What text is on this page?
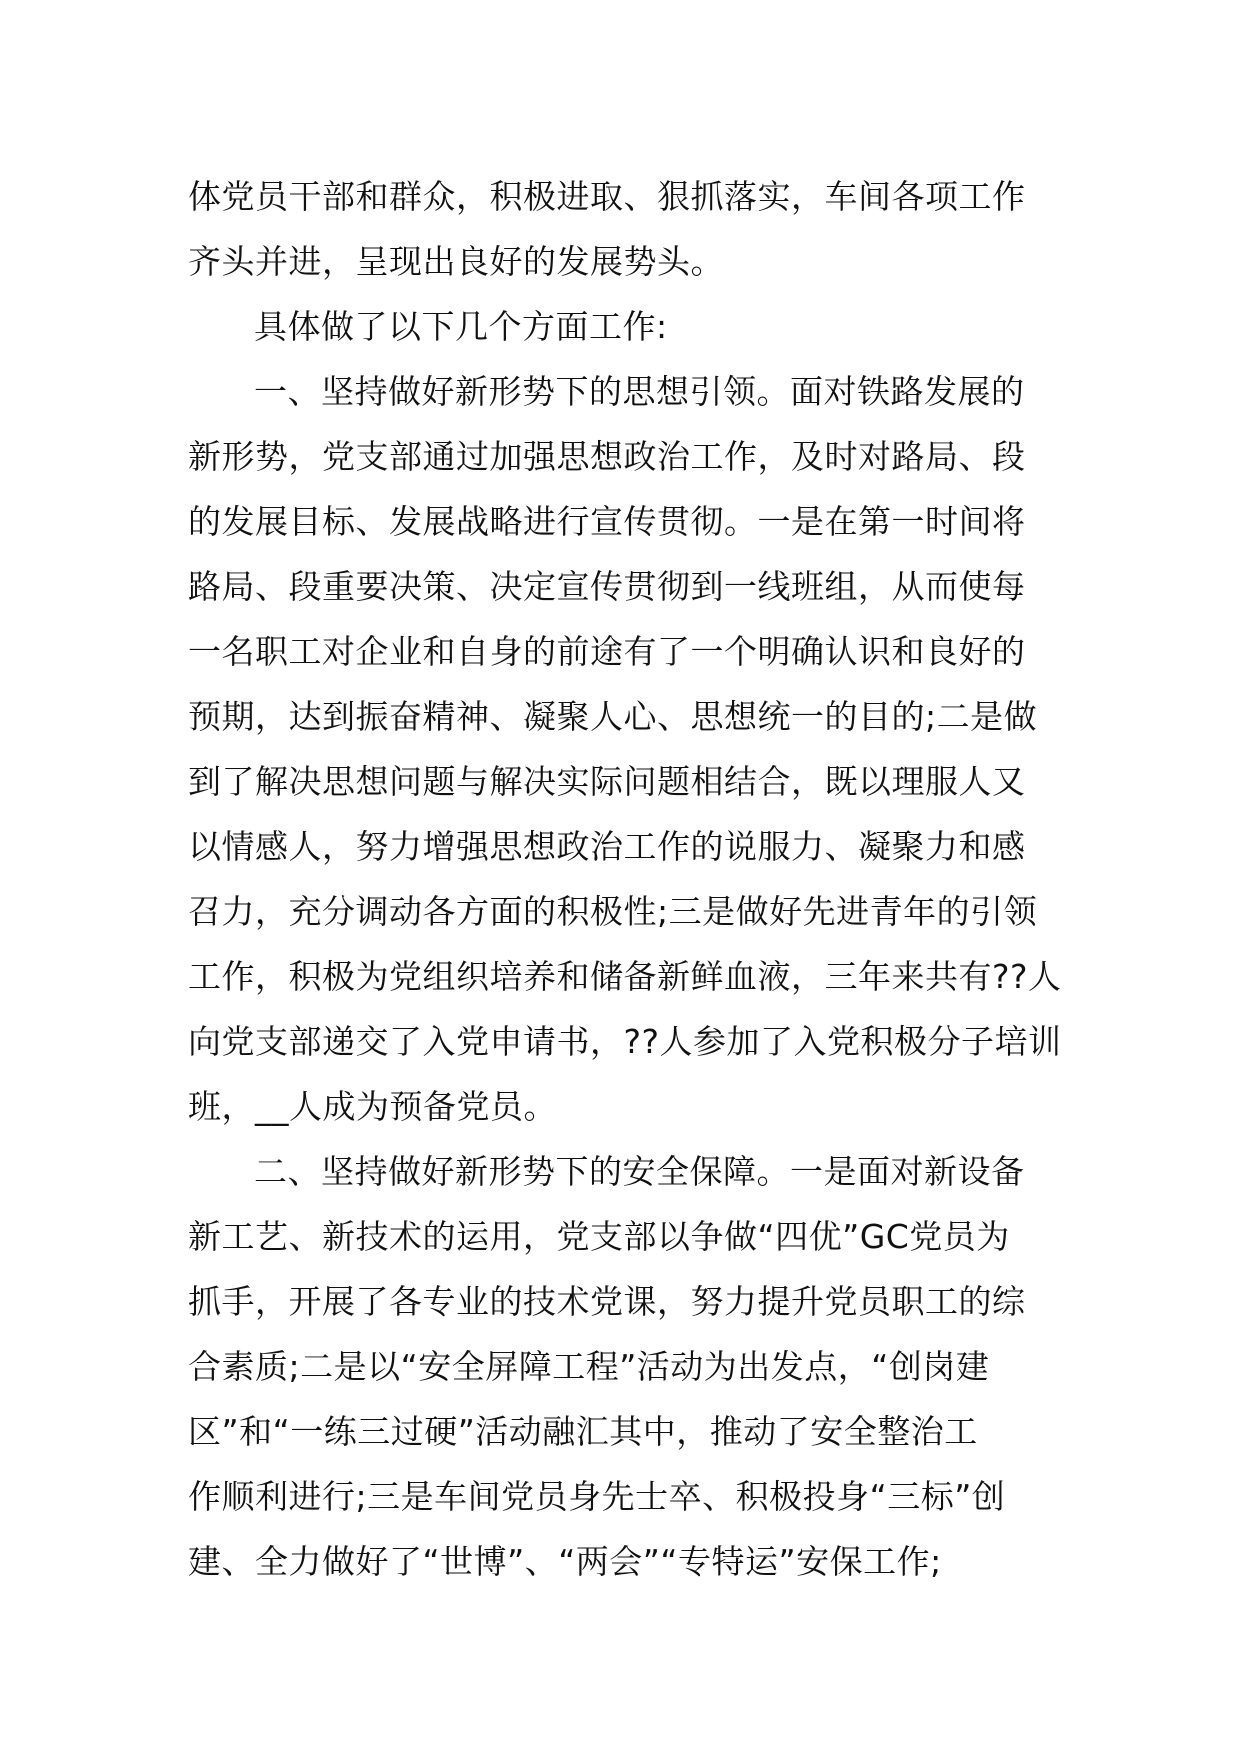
体党员干部和群众，积极进取、狠抓落实，车间各项工作
齐头并进，呈现出良好的发展势头。
具体做了以下几个方面工作:
一、坚持做好新形势下的思想引领。面对铁路发展的
新形势，党支部通过加强思想政治工作，及时对路局、段
的发展目标、发展战略进行宣传贯彻。一是在第一时间将
路局、段重要决策、决定宣传贯彻到一线班组，从而使每
一名职工对企业和自身的前途有了一个明确认识和良好的
预期，达到振奋精神、凝聚人心、思想统一的目的;二是做
到了解决思想问题与解决实际问题相结合，既以理服人又
以情感人，努力增强思想政治工作的说服力、凝聚力和感
召力，充分调动各方面的积极性;三是做好先进青年的引领
工作，积极为党组织培养和储备新鲜血液，三年来共有??人
向党支部递交了入党申请书，??人参加了入党积极分子培训
班，__人成为预备党员。
二、坚持做好新形势下的安全保障。一是面对新设备
新工艺、新技术的运用，党支部以争做“四优”GC党员为
抓手，开展了各专业的技术党课，努力提升党员职工的综
合素质;二是以“安全屏障工程”活动为出发点，“创岗建
区”和“一练三过硬”活动融汇其中，推动了安全整治工
作顺利进行;三是车间党员身先士卒、积极投身“三标”创
建、全力做好了“世博”、“两会”“专特运”安保工作;
